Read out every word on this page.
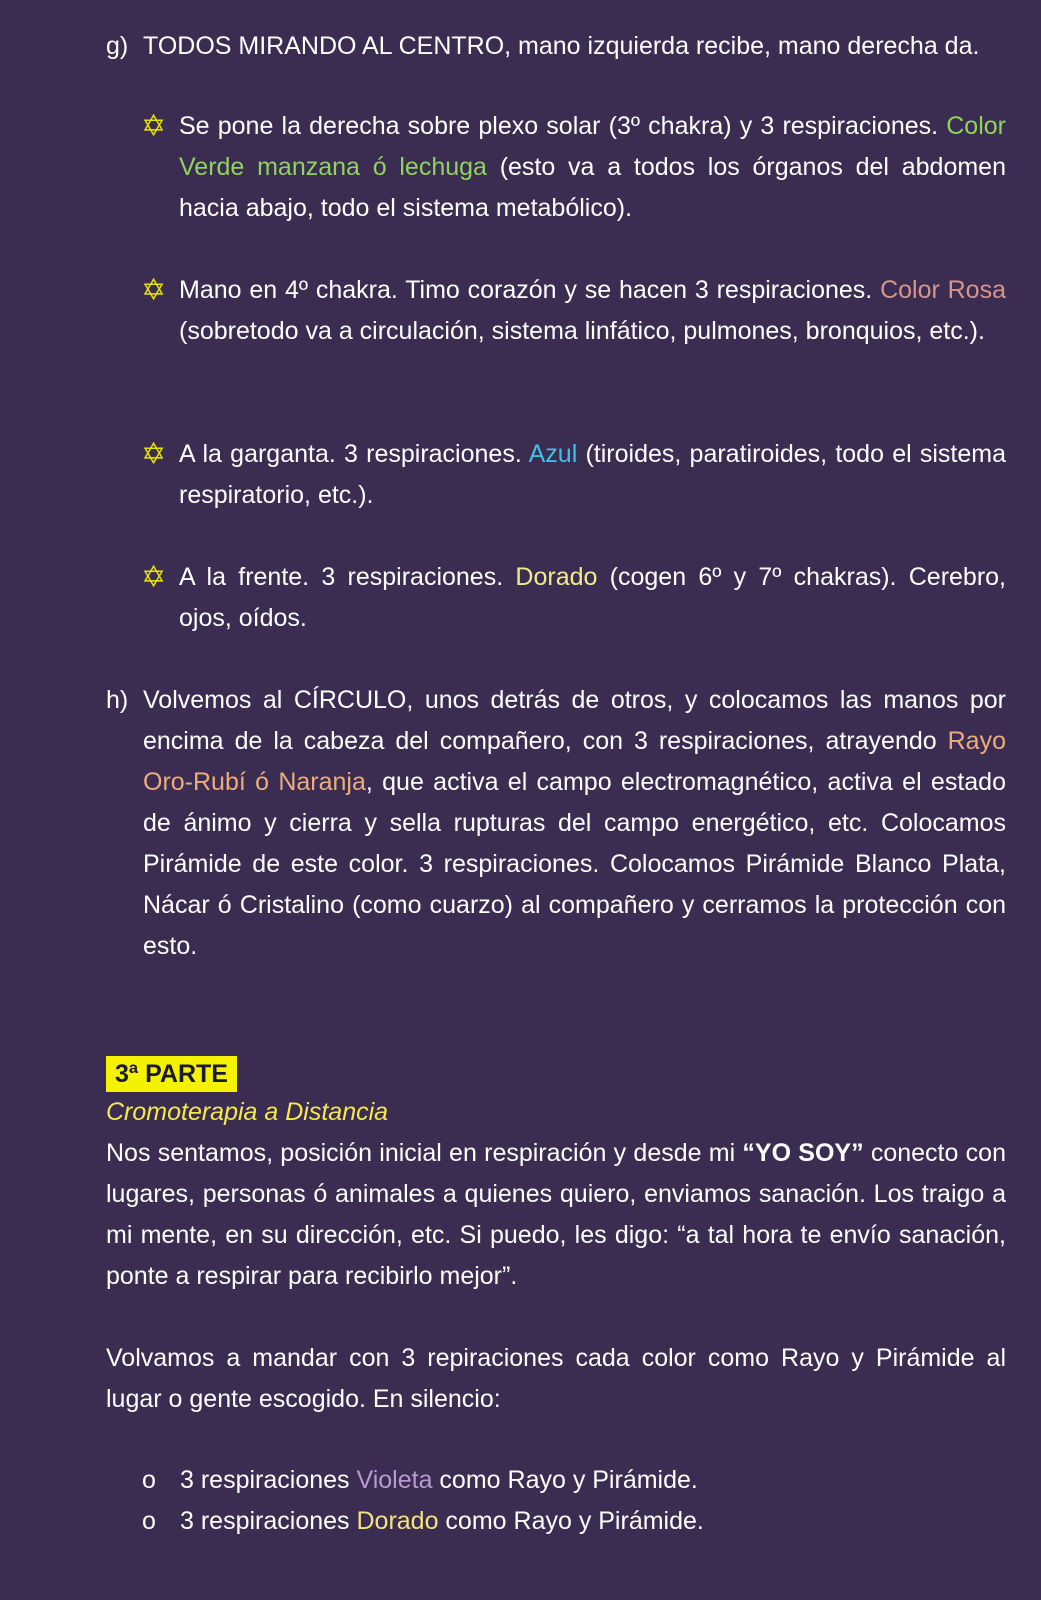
g) TODOS MIRANDO AL CENTRO, mano izquierda recibe, mano derecha da.
✡ Se pone la derecha sobre plexo solar (3º chakra) y 3 respiraciones. Color Verde manzana ó lechuga (esto va a todos los órganos del abdomen hacia abajo, todo el sistema metabólico).
✡ Mano en 4º chakra. Timo corazón y se hacen 3 respiraciones. Color Rosa (sobretodo va a circulación, sistema linfático, pulmones, bronquios, etc.).
✡ A la garganta. 3 respiraciones. Azul (tiroides, paratiroides, todo el sistema respiratorio, etc.).
✡ A la frente. 3 respiraciones. Dorado (cogen 6º y 7º chakras). Cerebro, ojos, oídos.
h) Volvemos al CÍRCULO, unos detrás de otros, y colocamos las manos por encima de la cabeza del compañero, con 3 respiraciones, atrayendo Rayo Oro-Rubí ó Naranja, que activa el campo electromagnético, activa el estado de ánimo y cierra y sella rupturas del campo energético, etc. Colocamos Pirámide de este color. 3 respiraciones. Colocamos Pirámide Blanco Plata, Nácar ó Cristalino (como cuarzo) al compañero y cerramos la protección con esto.
3ª PARTE
Cromoterapia a Distancia
Nos sentamos, posición inicial en respiración y desde mi “YO SOY” conecto con lugares, personas ó animales a quienes quiero, enviamos sanación. Los traigo a mi mente, en su dirección, etc. Si puedo, les digo: “a tal hora te envío sanación, ponte a respirar para recibirlo mejor”.
Volvamos a mandar con 3 repiraciones cada color como Rayo y Pirámide al lugar o gente escogido. En silencio:
o 3 respiraciones Violeta como Rayo y Pirámide.
o 3 respiraciones Dorado como Rayo y Pirámide.
